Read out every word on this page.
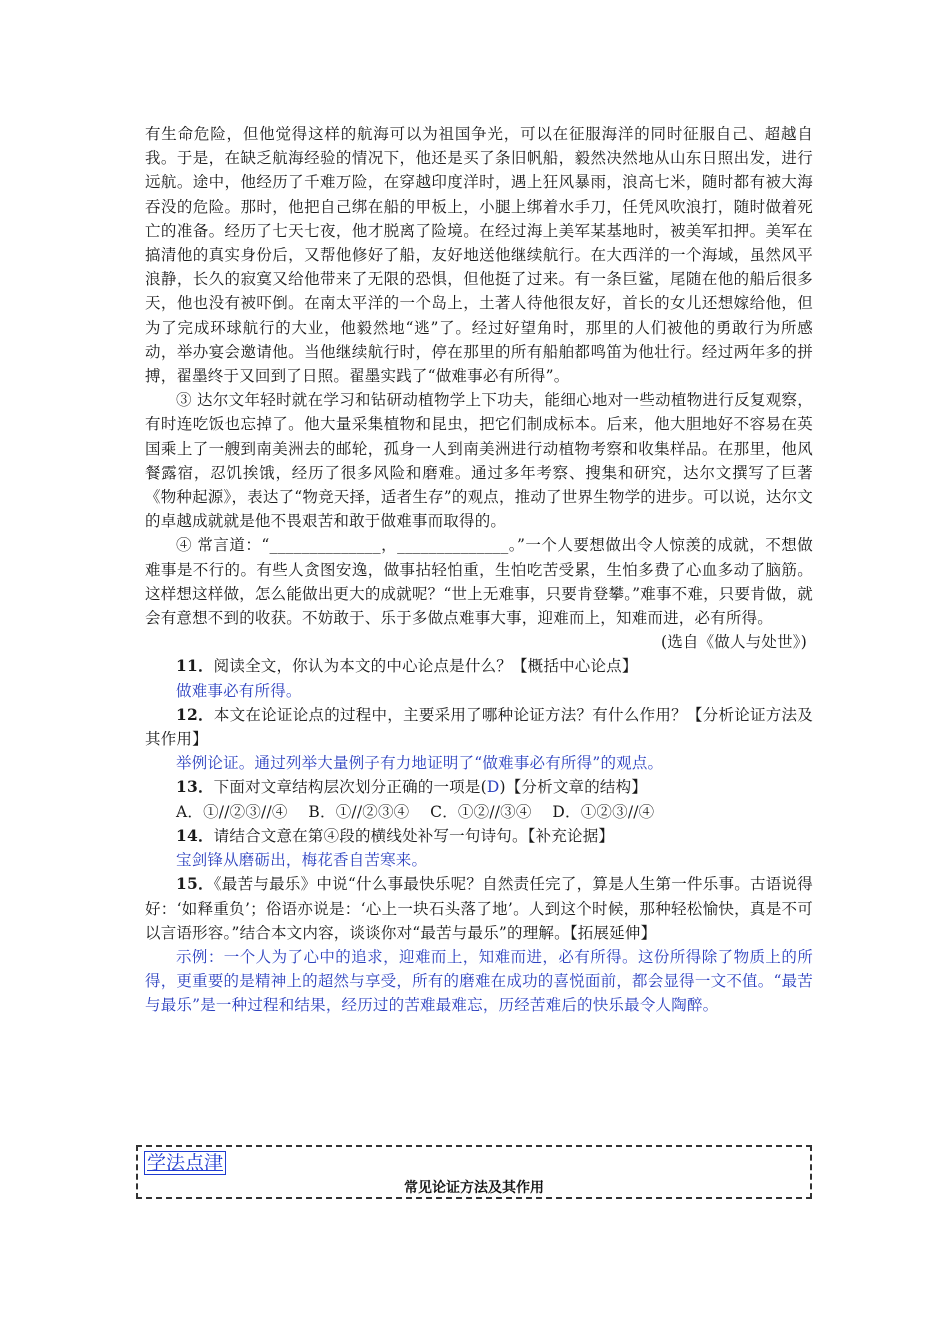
有生命危险，但他觉得这样的航海可以为祖国争光，可以在征服海洋的同时征服自己、超越自我。于是，在缺乏航海经验的情况下，他还是买了条旧帆船，毅然决然地从山东日照出发，进行远航。途中，他经历了千难万险，在穿越印度洋时，遇上狂风暴雨，浪高七米，随时都有被大海吞没的危险。那时，他把自己绑在船的甲板上，小腿上绑着水手刀，任凭风吹浪打，随时做着死亡的准备。经历了七天七夜，他才脱离了险境。在经过海上美军某基地时，被美军扣押。美军在搞清他的真实身份后，又帮他修好了船，友好地送他继续航行。在大西洋的一个海域，虽然风平浪静，长久的寂寞又给他带来了无限的恐惧，但他挺了过来。有一条巨鲨，尾随在他的船后很多天，他也没有被吓倒。在南太平洋的一个岛上，土著人待他很友好，首长的女儿还想嫁给他，但为了完成环球航行的大业，他毅然地“逃”了。经过好望角时，那里的人们被他的勇敢行为所感动，举办宴会邀请他。当他继续航行时，停在那里的所有船舶都鸣笛为他壮行。经过两年多的拼搏，翟墨终于又回到了日照。翟墨实践了“做难事必有所得”。

③ 达尔文年轻时就在学习和钻研动植物学上下功夫，能细心地对一些动植物进行反复观察，有时连吃饭也忘掉了。他大量采集植物和昆虫，把它们制成标本。后来，他大胆地好不容易在英国乘上了一艘到南美洲去的邮轮，孤身一人到南美洲进行动植物考察和收集样品。在那里，他风餐露宿，忍饥挨饿，经历了很多风险和磨难。通过多年考察、搜集和研究，达尔文撰写了巨著《物种起源》，表达了“物竞天择，适者生存”的观点，推动了世界生物学的进步。可以说，达尔文的卓越成就就是他不畏艰苦和敢于做难事而取得的。

④ 常言道：“______________，______________。”一个人要想做出令人惊羡的成就，不想做难事是不行的。有些人贪图安逸，做事拈轻怕重，生怕吃苦受累，生怕多费了心血多动了脑筋。这样想这样做，怎么能做出更大的成就呢？“世上无难事，只要肯登攀。”难事不难，只要肯做，就会有意想不到的收获。不妨敢于、乐于多做点难事大事，迎难而上，知难而进，必有所得。

(选自《做人与处世》)

11．阅读全文，你认为本文的中心论点是什么？【概括中心论点】

做难事必有所得。

12．本文在论证论点的过程中，主要采用了哪种论证方法？有什么作用？【分析论证方法及其作用】

举例论证。通过列举大量例子有力地证明了“做难事必有所得”的观点。

13．下面对文章结构层次划分正确的一项是(D)【分析文章的结构】

A．①//②③//④　 B．①//②③④　 C．①②//③④　 D．①②③//④

14．请结合文意在第④段的横线处补写一句诗句。【补充论据】

宝剑锋从磨砺出，梅花香自苦寒来。

15．《最苦与最乐》中说“什么事最快乐呢？自然责任完了，算是人生第一件乐事。古语说得好：‘如释重负’；俗语亦说是：‘心上一块石头落了地’。人到这个时候，那种轻松愉快，真是不可以言语形容。”结合本文内容，谈谈你对“最苦与最乐”的理解。【拓展延伸】

示例：一个人为了心中的追求，迎难而上，知难而进，必有所得。这份所得除了物质上的所得，更重要的是精神上的超然与享受，所有的磨难在成功的喜悦面前，都会显得一文不值。“最苦与最乐”是一种过程和结果，经历过的苦难最难忘，历经苦难后的快乐最令人陶醉。

学法点津
常见论证方法及其作用
